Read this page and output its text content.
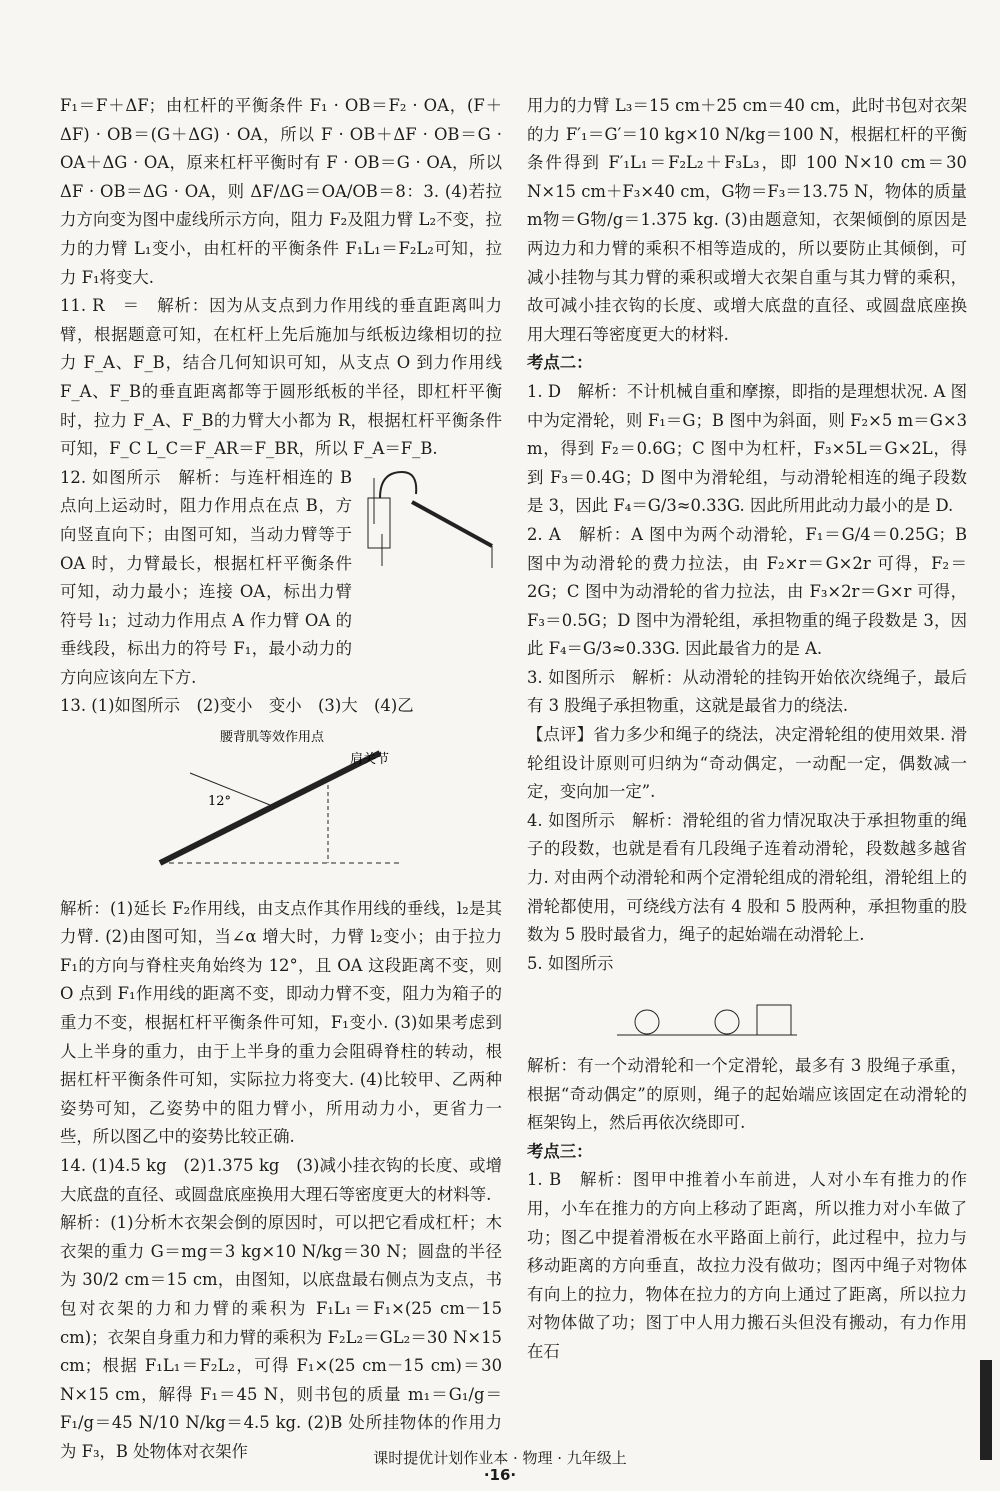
F₁＝F＋ΔF；由杠杆的平衡条件 F₁ · OB＝F₂ · OA，(F＋ΔF) · OB＝(G＋ΔG) · OA，所以 F · OB＋ΔF · OB＝G · OA＋ΔG · OA，原来杠杆平衡时有 F · OB＝G · OA，所以 ΔF · OB＝ΔG · OA，则 ΔF/ΔG＝OA/OB＝8：3. (4)若拉力方向变为图中虚线所示方向，阻力 F₂及阻力臂 L₂不变，拉力的力臂 L₁变小，由杠杆的平衡条件 F₁L₁＝F₂L₂可知，拉力 F₁将变大.

11. R　＝　解析：因为从支点到力作用线的垂直距离叫力臂，根据题意可知，在杠杆上先后施加与纸板边缘相切的拉力 F_A、F_B，结合几何知识可知，从支点 O 到力作用线 F_A、F_B的垂直距离都等于圆形纸板的半径，即杠杆平衡时，拉力 F_A、F_B的力臂大小都为 R，根据杠杆平衡条件可知，F_C L_C＝F_AR＝F_BR，所以 F_A＝F_B.

12. 如图所示　解析：与连杆相连的 B 点向上运动时，阻力作用点在点 B，方向竖直向下；由图可知，当动力臂等于 OA 时，力臂最长，根据杠杆平衡条件可知，动力最小；连接 OA，标出力臂符号 l₁；过动力作用点 A 作力臂 OA 的垂线段，标出力的符号 F₁，最小动力的方向应该向左下方.

13. (1)如图所示　(2)变小　变小　(3)大　(4)乙

腰背肌等效作用点
肩关节
12°

解析：(1)延长 F₂作用线，由支点作其作用线的垂线，l₂是其力臂. (2)由图可知，当∠α 增大时，力臂 l₂变小；由于拉力 F₁的方向与脊柱夹角始终为 12°，且 OA 这段距离不变，则 O 点到 F₁作用线的距离不变，即动力臂不变，阻力为箱子的重力不变，根据杠杆平衡条件可知，F₁变小. (3)如果考虑到人上半身的重力，由于上半身的重力会阻碍脊柱的转动，根据杠杆平衡条件可知，实际拉力将变大. (4)比较甲、乙两种姿势可知，乙姿势中的阻力臂小，所用动力小，更省力一些，所以图乙中的姿势比较正确.

14. (1)4.5 kg　(2)1.375 kg　(3)减小挂衣钩的长度、或增大底盘的直径、或圆盘底座换用大理石等密度更大的材料等.

解析：(1)分析木衣架会倒的原因时，可以把它看成杠杆；木衣架的重力 G＝mg＝3 kg×10 N/kg＝30 N；圆盘的半径为 30/2 cm＝15 cm，由图知，以底盘最右侧点为支点，书包对衣架的力和力臂的乘积为 F₁L₁＝F₁×(25 cm－15 cm)；衣架自身重力和力臂的乘积为 F₂L₂＝GL₂＝30 N×15 cm；根据 F₁L₁＝F₂L₂，可得 F₁×(25 cm－15 cm)＝30 N×15 cm，解得 F₁＝45 N，则书包的质量 m₁＝G₁/g＝F₁/g＝45 N/10 N/kg＝4.5 kg. (2)B 处所挂物体的作用力为 F₃，B 处物体对衣架作

用力的力臂 L₃＝15 cm＋25 cm＝40 cm，此时书包对衣架的力 F′₁＝G′＝10 kg×10 N/kg＝100 N，根据杠杆的平衡条件得到 F′₁L₁＝F₂L₂＋F₃L₃，即 100 N×10 cm＝30 N×15 cm＋F₃×40 cm，G物＝F₃＝13.75 N，物体的质量 m物＝G物/g＝1.375 kg. (3)由题意知，衣架倾倒的原因是两边力和力臂的乘积不相等造成的，所以要防止其倾倒，可减小挂物与其力臂的乘积或增大衣架自重与其力臂的乘积，故可减小挂衣钩的长度、或增大底盘的直径、或圆盘底座换用大理石等密度更大的材料.

考点二：

1. D　解析：不计机械自重和摩擦，即指的是理想状况. A 图中为定滑轮，则 F₁＝G；B 图中为斜面，则 F₂×5 m＝G×3 m，得到 F₂＝0.6G；C 图中为杠杆，F₃×5L＝G×2L，得到 F₃＝0.4G；D 图中为滑轮组，与动滑轮相连的绳子段数是 3，因此 F₄＝G/3≈0.33G. 因此所用此动力最小的是 D.

2. A　解析：A 图中为两个动滑轮，F₁＝G/4＝0.25G；B 图中为动滑轮的费力拉法，由 F₂×r＝G×2r 可得，F₂＝2G；C 图中为动滑轮的省力拉法，由 F₃×2r＝G×r 可得，F₃＝0.5G；D 图中为滑轮组，承担物重的绳子段数是 3，因此 F₄＝G/3≈0.33G. 因此最省力的是 A.

3. 如图所示　解析：从动滑轮的挂钩开始依次绕绳子，最后有 3 股绳子承担物重，这就是最省力的绕法.

【点评】省力多少和绳子的绕法，决定滑轮组的使用效果. 滑轮组设计原则可归纳为“奇动偶定，一动配一定，偶数减一定，变向加一定”.

4. 如图所示　解析：滑轮组的省力情况取决于承担物重的绳子的段数，也就是看有几段绳子连着动滑轮，段数越多越省力. 对由两个动滑轮和两个定滑轮组成的滑轮组，滑轮组上的滑轮都使用，可绕线方法有 4 股和 5 股两种，承担物重的股数为 5 股时最省力，绳子的起始端在动滑轮上.

5. 如图所示

解析：有一个动滑轮和一个定滑轮，最多有 3 股绳子承重，根据“奇动偶定”的原则，绳子的起始端应该固定在动滑轮的框架钩上，然后再依次绕即可.

考点三：

1. B　解析：图甲中推着小车前进，人对小车有推力的作用，小车在推力的方向上移动了距离，所以推力对小车做了功；图乙中提着滑板在水平路面上前行，此过程中，拉力与移动距离的方向垂直，故拉力没有做功；图丙中绳子对物体有向上的拉力，物体在拉力的方向上通过了距离，所以拉力对物体做了功；图丁中人用力搬石头但没有搬动，有力作用在石

课时提优计划作业本 · 物理 · 九年级上
·16·
